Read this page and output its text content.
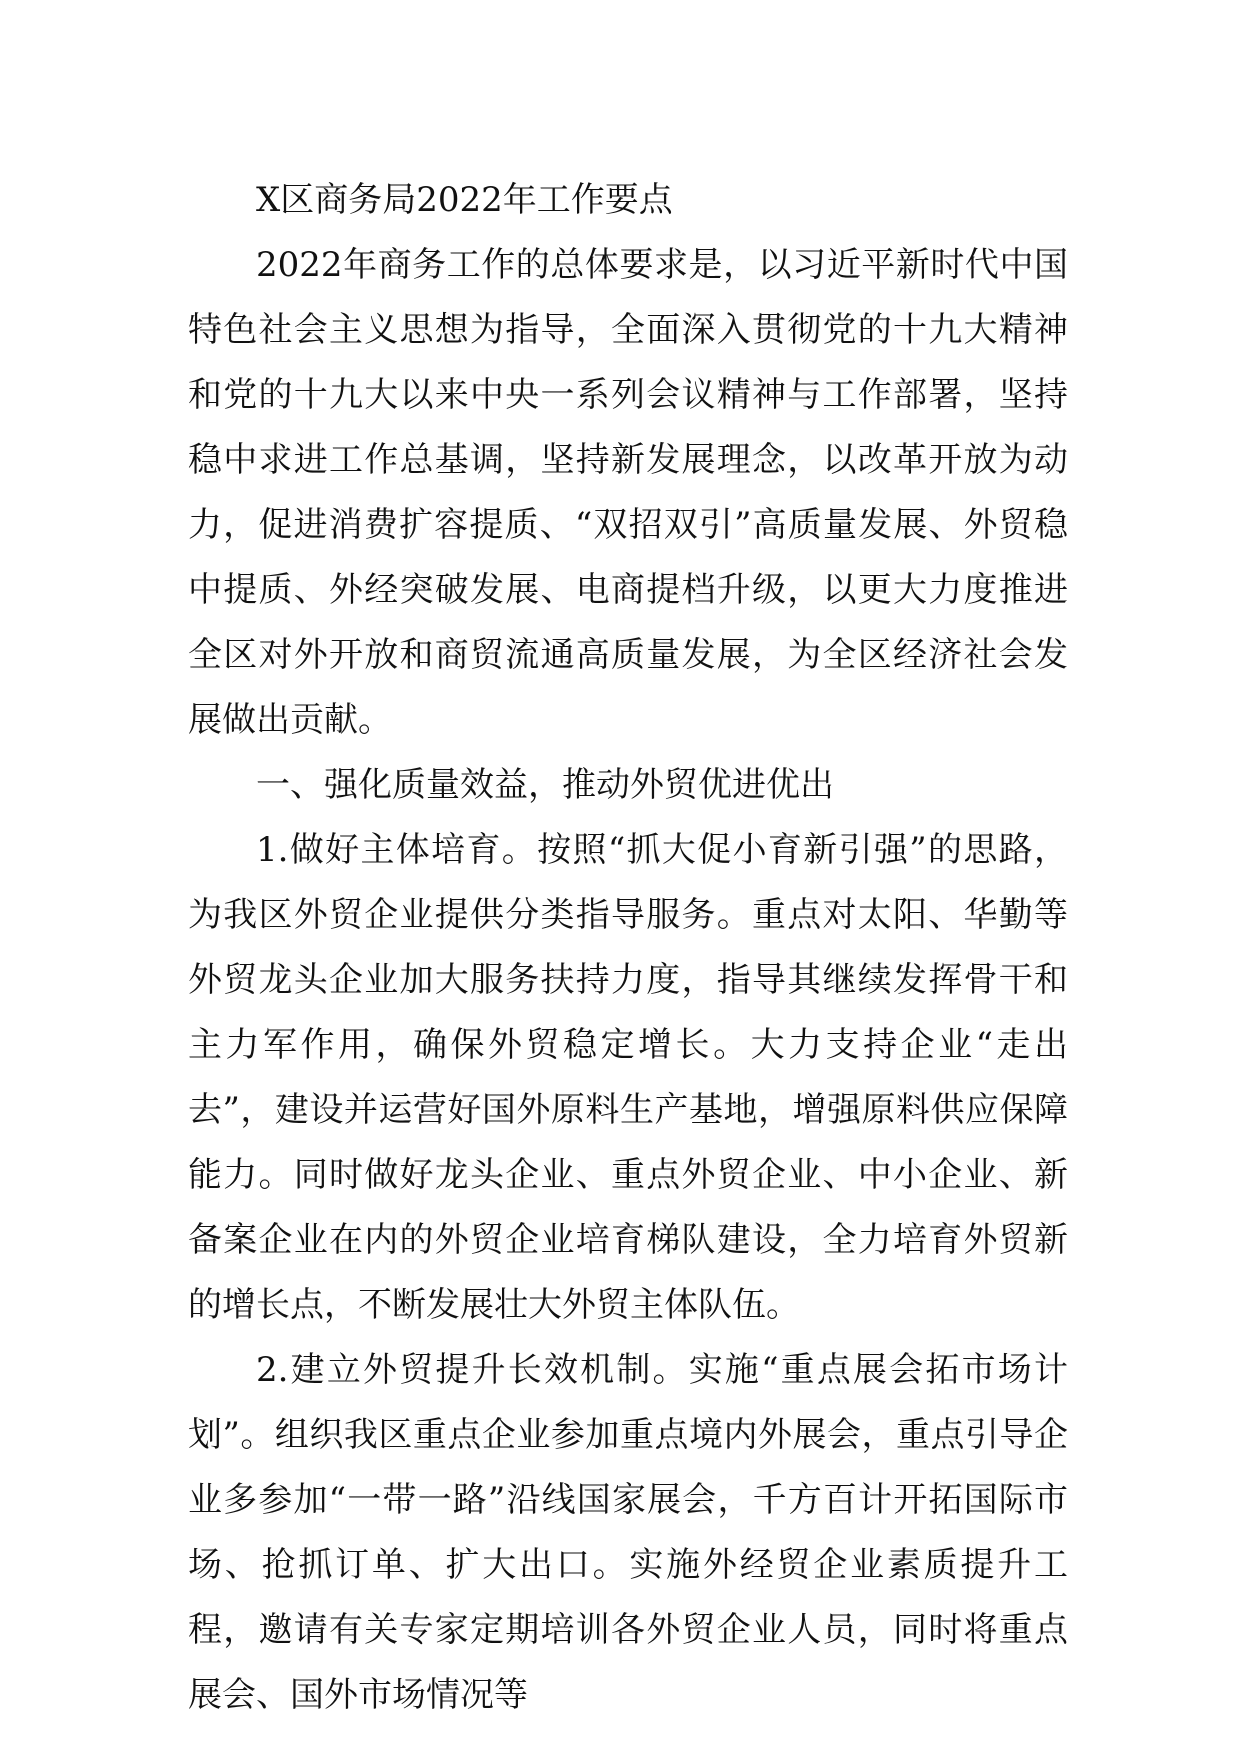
X区商务局2022年工作要点

2022年商务工作的总体要求是，以习近平新时代中国特色社会主义思想为指导，全面深入贯彻党的十九大精神和党的十九大以来中央一系列会议精神与工作部署，坚持稳中求进工作总基调，坚持新发展理念，以改革开放为动力，促进消费扩容提质、“双招双引”高质量发展、外贸稳中提质、外经突破发展、电商提档升级，以更大力度推进全区对外开放和商贸流通高质量发展，为全区经济社会发展做出贡献。

一、强化质量效益，推动外贸优进优出

1.做好主体培育。按照“抓大促小育新引强”的思路，为我区外贸企业提供分类指导服务。重点对太阳、华勤等外贸龙头企业加大服务扶持力度，指导其继续发挥骨干和主力军作用，确保外贸稳定增长。大力支持企业“走出去”，建设并运营好国外原料生产基地，增强原料供应保障能力。同时做好龙头企业、重点外贸企业、中小企业、新备案企业在内的外贸企业培育梯队建设，全力培育外贸新的增长点，不断发展壮大外贸主体队伍。

2.建立外贸提升长效机制。实施“重点展会拓市场计划”。组织我区重点企业参加重点境内外展会，重点引导企业多参加“一带一路”沿线国家展会，千方百计开拓国际市场、抢抓订单、扩大出口。实施外经贸企业素质提升工程，邀请有关专家定期培训各外贸企业人员，同时将重点展会、国外市场情况等
